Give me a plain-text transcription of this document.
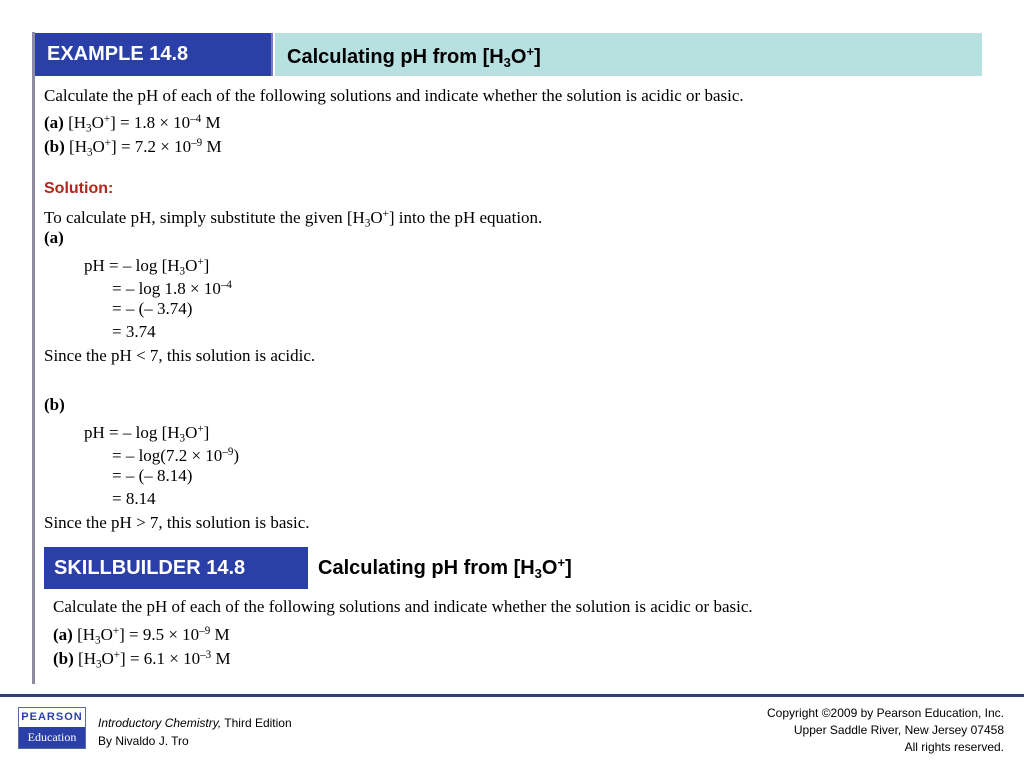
EXAMPLE 14.8	Calculating pH from $[H_3O^+]$
Calculate the pH of each of the following solutions and indicate whether the solution is acidic or basic.
(a) $[H_3O^+] = 1.8 \times 10^{-4}$ M
(b) $[H_3O^+] = 7.2 \times 10^{-9}$ M
Solution:
To calculate pH, simply substitute the given $[H_3O^+]$ into the pH equation.
(a)
pH = – $\log [H_3O^+]$
= – $\log 1.8 \times 10^{-4}$
= – (– 3.74)
= 3.74
Since the pH < 7, this solution is acidic.
(b)
pH = – $\log [H_3O^+]$
= – $\log(7.2 \times 10^{-9})$
= – (– 8.14)
= 8.14
Since the pH > 7, this solution is basic.
SKILLBUILDER 14.8	Calculating pH from $[H_3O^+]$
Calculate the pH of each of the following solutions and indicate whether the solution is acidic or basic.
(a) $[H_3O^+] = 9.5 \times 10^{-9}$ M
(b) $[H_3O^+] = 6.1 \times 10^{-3}$ M
PEARSON
Education
Introductory Chemistry, Third Edition
By Nivaldo J. Tro
Copyright ©2009 by Pearson Education, Inc.
Upper Saddle River, New Jersey 07458
All rights reserved.
